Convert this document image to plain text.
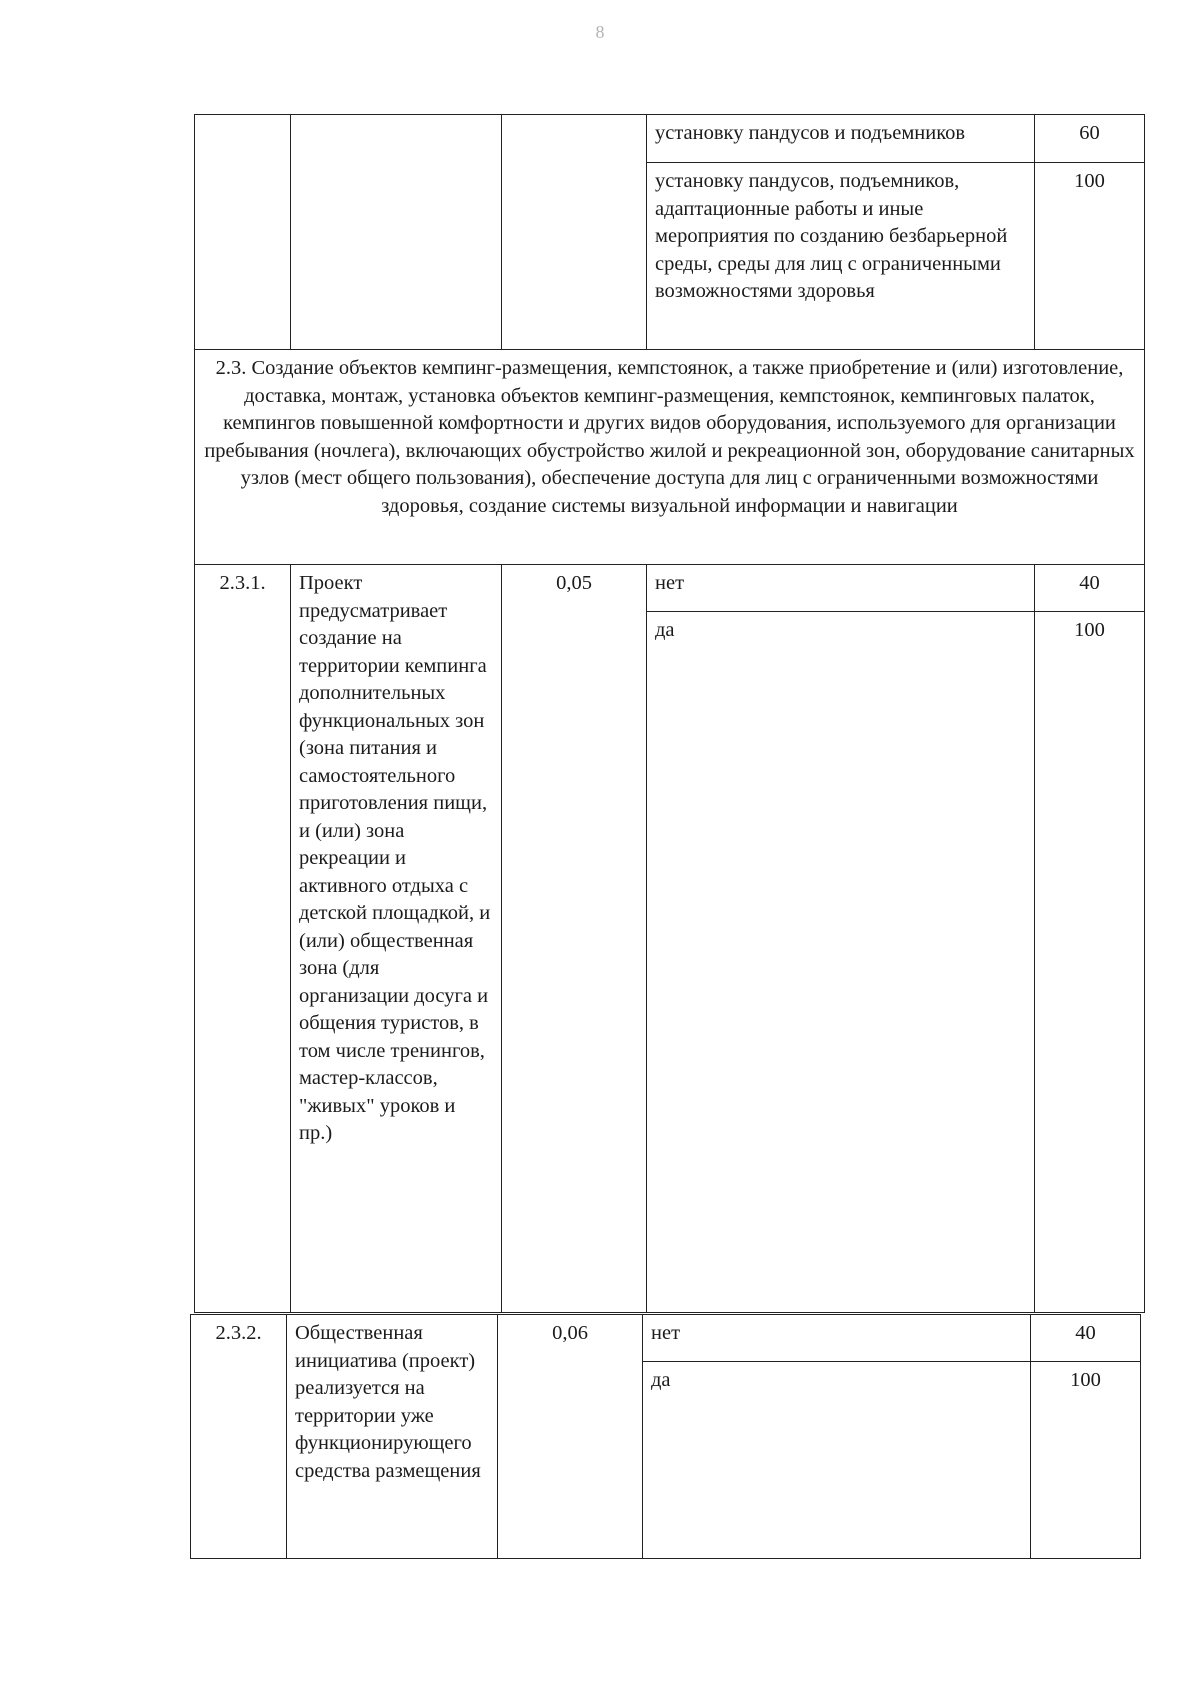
8
			установку пандусов и подъемников	60
			установку пандусов, подъемников, адаптационные работы и иные мероприятия по созданию безбарьерной среды, среды для лиц с ограниченными возможностями здоровья	100
2.3. Создание объектов кемпинг-размещения, кемпстоянок, а также приобретение и (или) изготовление, доставка, монтаж, установка объектов кемпинг-размещения, кемпстоянок, кемпинговых палаток, кемпингов повышенной комфортности и других видов оборудования, используемого для организации пребывания (ночлега), включающих обустройство жилой и рекреационной зон, оборудование санитарных узлов (мест общего пользования), обеспечение доступа для лиц с ограниченными возможностями здоровья, создание системы визуальной информации и навигации				
2.3.1.	Проект предусматривает создание на территории кемпинга дополнительных функциональных зон (зона питания и самостоятельного приготовления пищи, и (или) зона рекреации и активного отдыха с детской площадкой, и (или) общественная зона (для организации досуга и общения туристов, в том числе тренингов, мастер-классов, "живых" уроков и пр.)	0,05	нет	40
			да	100
2.3.2.	Общественная инициатива (проект) реализуется на территории уже функционирующего средства размещения	0,06	нет	40
			да	100
